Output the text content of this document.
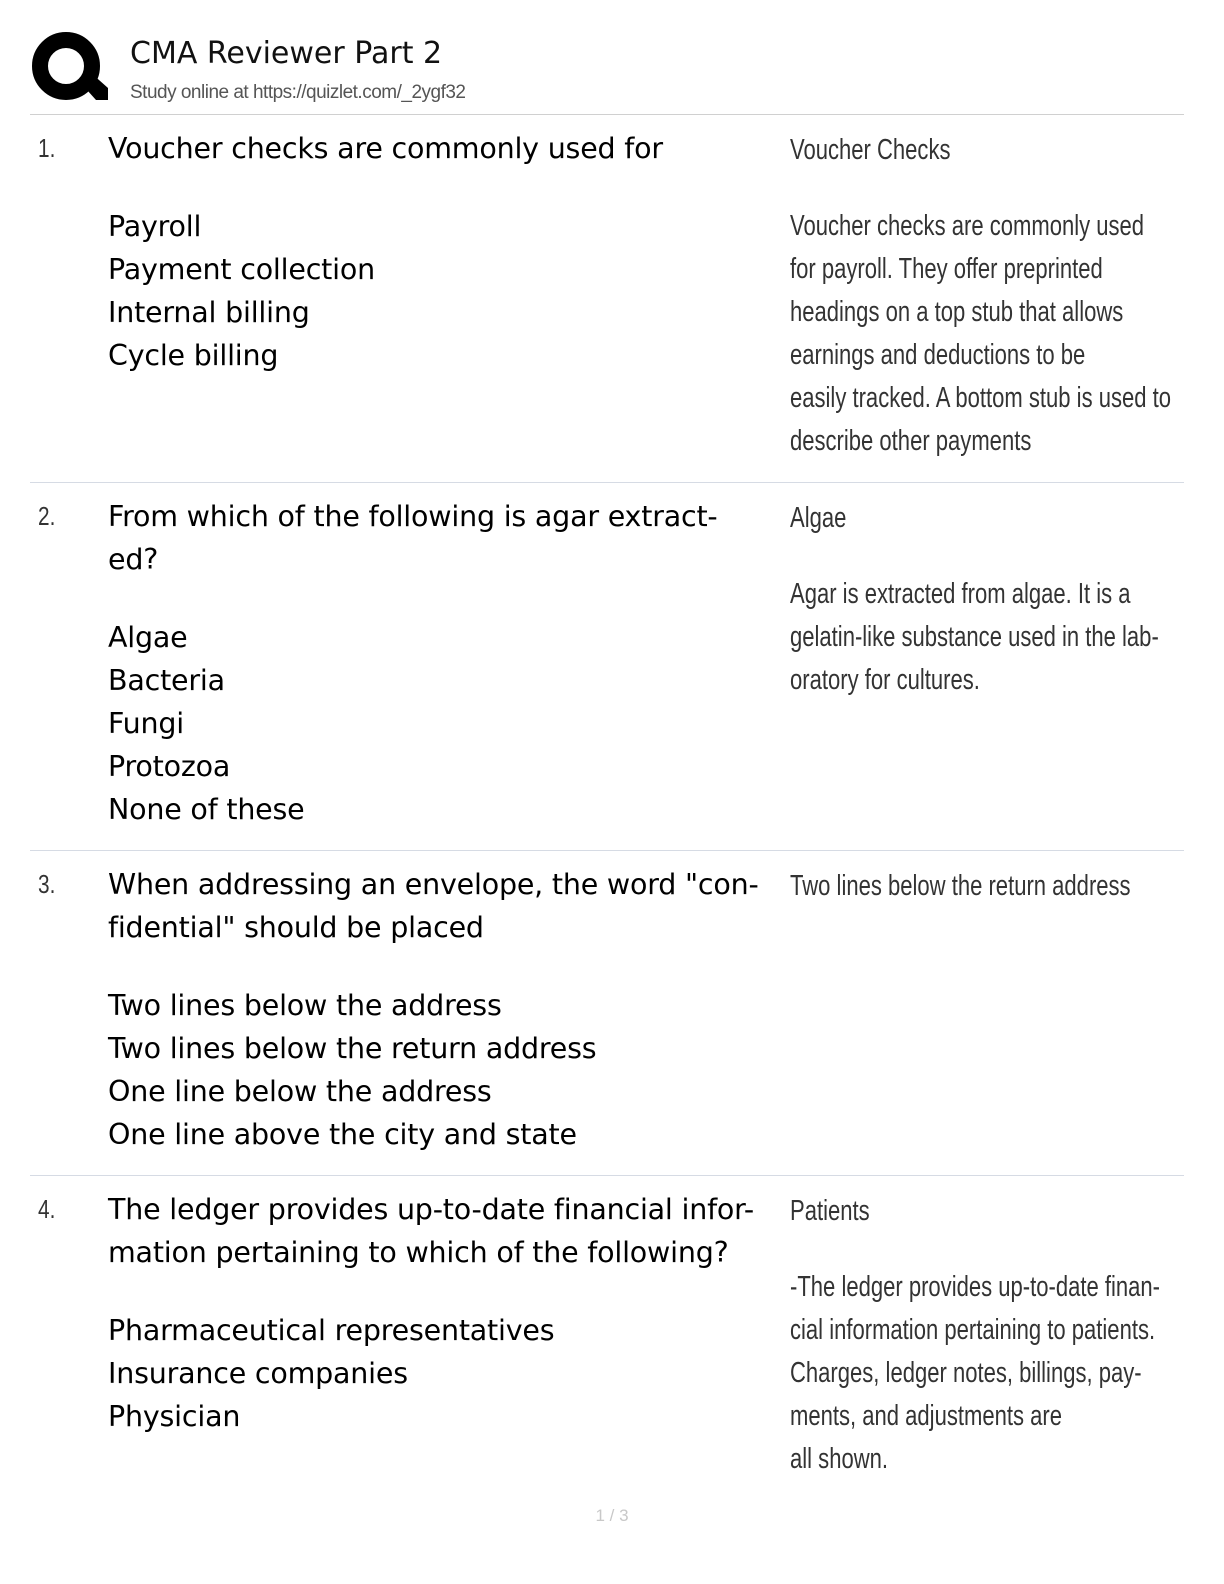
CMA Reviewer Part 2
Study online at https://quizlet.com/_2ygf32
1. Voucher checks are commonly used for
Payroll
Payment collection
Internal billing
Cycle billing
Voucher Checks
Voucher checks are commonly used
for payroll. They offer preprinted
headings on a top stub that allows
earnings and deductions to be
easily tracked. A bottom stub is used to
describe other payments
2. From which of the following is agar extract-
ed?
Algae
Bacteria
Fungi
Protozoa
None of these
Algae
Agar is extracted from algae. It is a
gelatin-like substance used in the lab-
oratory for cultures.
3. When addressing an envelope, the word "con-
fidential" should be placed
Two lines below the address
Two lines below the return address
One line below the address
One line above the city and state
Two lines below the return address
4. The ledger provides up-to-date financial infor-
mation pertaining to which of the following?
Pharmaceutical representatives
Insurance companies
Physician
Patients
-The ledger provides up-to-date finan-
cial information pertaining to patients.
Charges, ledger notes, billings, pay-
ments, and adjustments are
all shown.
1 / 3
